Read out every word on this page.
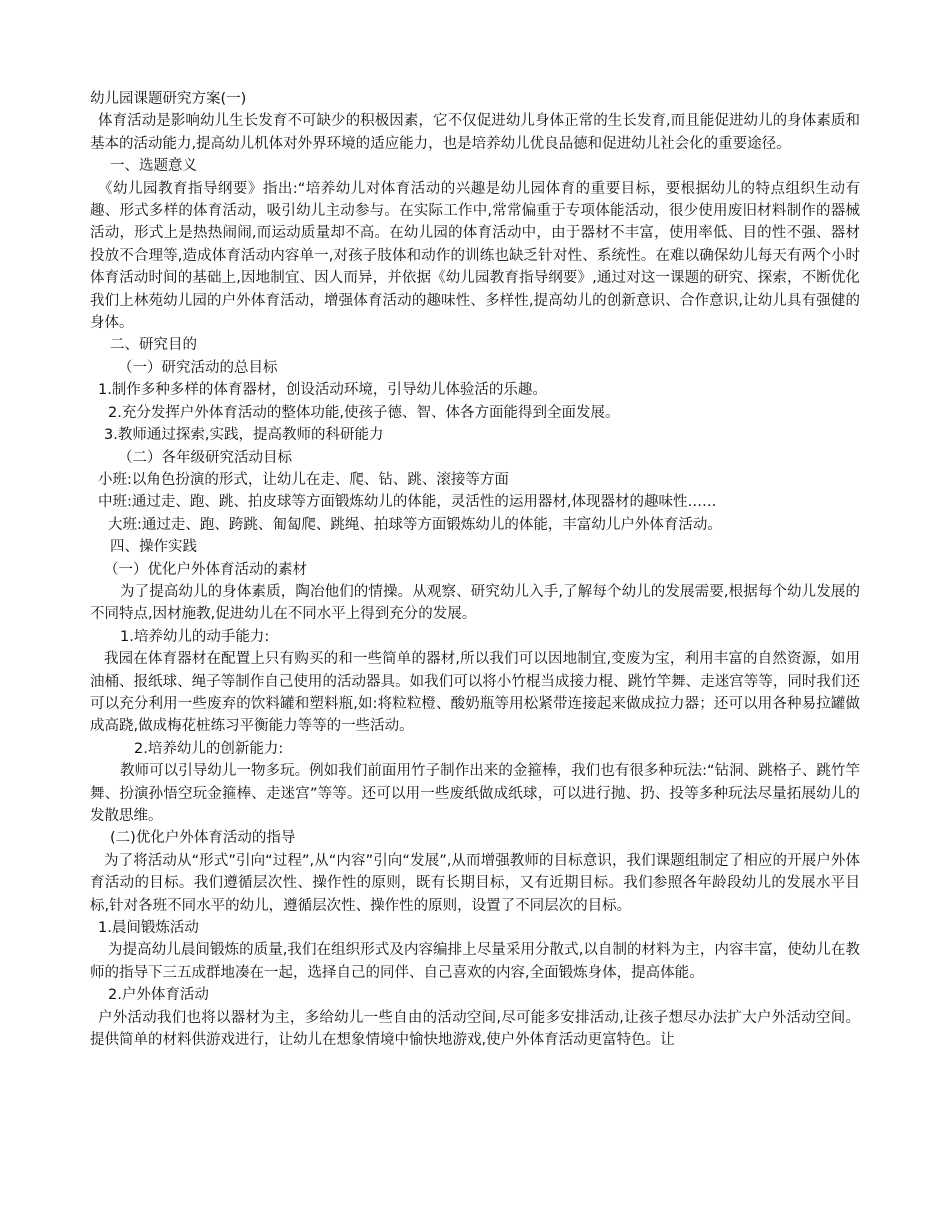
幼儿园课题研究方案(一)

体育活动是影响幼儿生长发育不可缺少的积极因素，它不仅促进幼儿身体正常的生长发育,而且能促进幼儿的身体素质和基本的活动能力,提高幼儿机体对外界环境的适应能力，也是培养幼儿优良品德和促进幼儿社会化的重要途径。

一、选题意义

《幼儿园教育指导纲要》指出:“培养幼儿对体育活动的兴趣是幼儿园体育的重要目标，要根据幼儿的特点组织生动有趣、形式多样的体育活动，吸引幼儿主动参与。在实际工作中,常常偏重于专项体能活动，很少使用废旧材料制作的器械活动，形式上是热热闹闹,而运动质量却不高。在幼儿园的体育活动中，由于器材不丰富，使用率低、目的性不强、器材投放不合理等,造成体育活动内容单一,对孩子肢体和动作的训练也缺乏针对性、系统性。在难以确保幼儿每天有两个小时体育活动时间的基础上,因地制宜、因人而异，并依据《幼儿园教育指导纲要》,通过对这一课题的研究、探索，不断优化我们上林苑幼儿园的户外体育活动，增强体育活动的趣味性、多样性,提高幼儿的创新意识、合作意识,让幼儿具有强健的身体。

二、研究目的

（一）研究活动的总目标

1.制作多种多样的体育器材，创设活动环境，引导幼儿体验活的乐趣。

2.充分发挥户外体育活动的整体功能,使孩子德、智、体各方面能得到全面发展。

3.教师通过探索,实践，提高教师的科研能力

（二）各年级研究活动目标

小班:以角色扮演的形式，让幼儿在走、爬、钻、跳、滚接等方面

中班:通过走、跑、跳、拍皮球等方面锻炼幼儿的体能，灵活性的运用器材,体现器材的趣味性……

大班:通过走、跑、跨跳、匍匐爬、跳绳、拍球等方面锻炼幼儿的体能，丰富幼儿户外体育活动。

四、操作实践

（一）优化户外体育活动的素材

为了提高幼儿的身体素质，陶冶他们的情操。从观察、研究幼儿入手,了解每个幼儿的发展需要,根据每个幼儿发展的不同特点,因材施教,促进幼儿在不同水平上得到充分的发展。

1.培养幼儿的动手能力:

我园在体育器材在配置上只有购买的和一些简单的器材,所以我们可以因地制宜,变废为宝，利用丰富的自然资源，如用油桶、报纸球、绳子等制作自己使用的活动器具。如我们可以将小竹棍当成接力棍、跳竹竿舞、走迷宫等等，同时我们还可以充分利用一些废弃的饮料罐和塑料瓶,如:将粒粒橙、酸奶瓶等用松紧带连接起来做成拉力器；还可以用各种易拉罐做成高跷,做成梅花桩练习平衡能力等等的一些活动。

2.培养幼儿的创新能力:

教师可以引导幼儿一物多玩。例如我们前面用竹子制作出来的金箍棒，我们也有很多种玩法:“钻洞、跳格子、跳竹竿舞、扮演孙悟空玩金箍棒、走迷宫”等等。还可以用一些废纸做成纸球，可以进行抛、扔、投等多种玩法尽量拓展幼儿的发散思维。

(二)优化户外体育活动的指导

为了将活动从“形式”引向“过程”,从“内容”引向“发展”,从而增强教师的目标意识，我们课题组制定了相应的开展户外体育活动的目标。我们遵循层次性、操作性的原则，既有长期目标，又有近期目标。我们参照各年龄段幼儿的发展水平目标,针对各班不同水平的幼儿，遵循层次性、操作性的原则，设置了不同层次的目标。

1.晨间锻炼活动

为提高幼儿晨间锻炼的质量,我们在组织形式及内容编排上尽量采用分散式,以自制的材料为主，内容丰富，使幼儿在教师的指导下三五成群地凑在一起，选择自己的同伴、自己喜欢的内容,全面锻炼身体，提高体能。

2.户外体育活动

户外活动我们也将以器材为主，多给幼儿一些自由的活动空间,尽可能多安排活动,让孩子想尽办法扩大户外活动空间。提供简单的材料供游戏进行，让幼儿在想象情境中愉快地游戏,使户外体育活动更富特色。让
